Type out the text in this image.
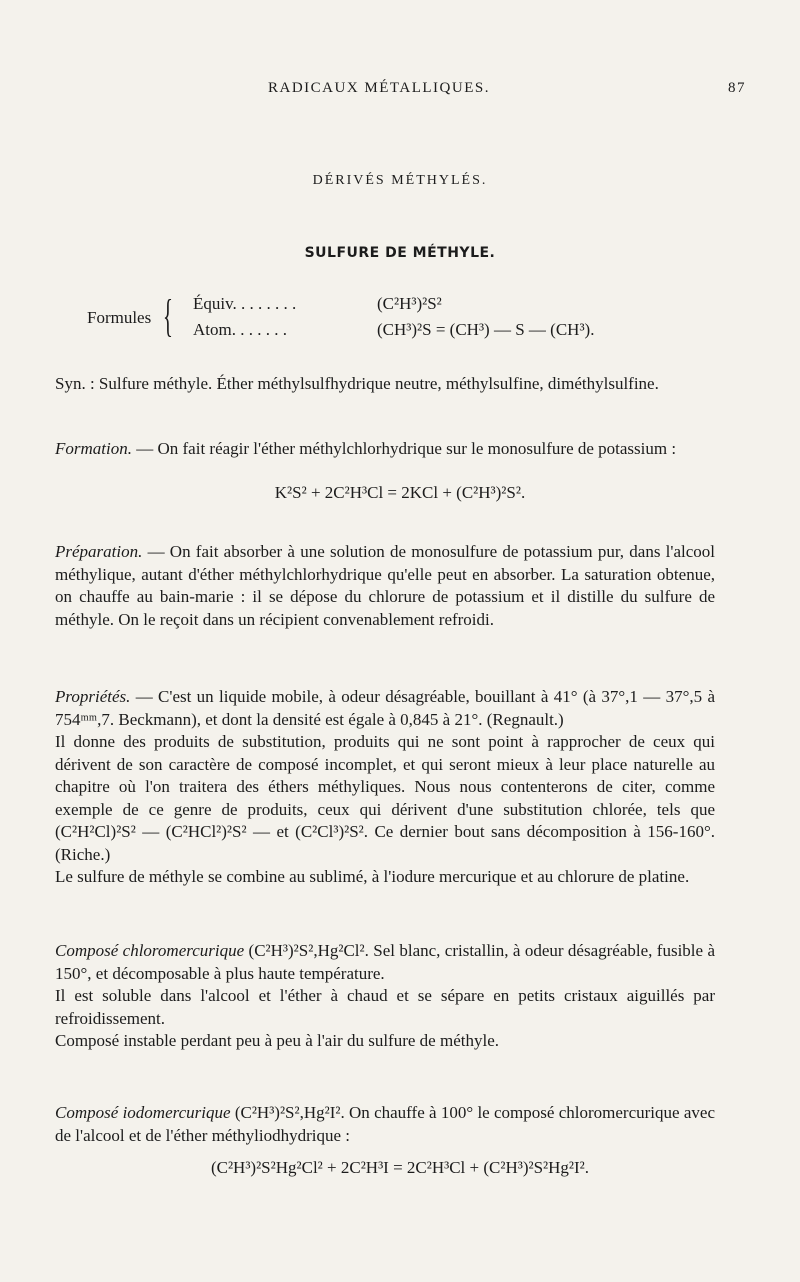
RADICAUX MÉTALLIQUES.	87
DÉRIVÉS MÉTHYLÉS.
SULFURE DE MÉTHYLE.
Formules { Équiv. . . . . . . .	(C²H³)²S²
Atom. . . . . . .	(CH³)²S = (CH³) — S — (CH³).

Syn. : Sulfure méthyle. Éther méthylsulfhydrique neutre, méthylsulfine, diméthylsulfine.

Formation. — On fait réagir l'éther méthylchlorhydrique sur le monosulfure de potassium :

K²S² + 2C²H³Cl = 2KCl + (C²H³)²S².

Préparation. — On fait absorber à une solution de monosulfure de potassium pur, dans l'alcool méthylique, autant d'éther méthylchlorhydrique qu'elle peut en absorber. La saturation obtenue, on chauffe au bain-marie : il se dépose du chlorure de potassium et il distille du sulfure de méthyle. On le reçoit dans un récipient convenablement refroidi.

Propriétés. — C'est un liquide mobile, à odeur désagréable, bouillant à 41° (à 37°,1 — 37°,5 à 754ᵐᵐ,7. Beckmann), et dont la densité est égale à 0,845 à 21°. (Regnault.)

Il donne des produits de substitution, produits qui ne sont point à rapprocher de ceux qui dérivent de son caractère de composé incomplet, et qui seront mieux à leur place naturelle au chapitre où l'on traitera des éthers méthyliques. Nous nous contenterons de citer, comme exemple de ce genre de produits, ceux qui dérivent d'une substitution chlorée, tels que (C²H²Cl)²S² — (C²HCl²)²S² — et (C²Cl³)²S². Ce dernier bout sans décomposition à 156-160°. (Riche.)

Le sulfure de méthyle se combine au sublimé, à l'iodure mercurique et au chlorure de platine.

Composé chloromercurique (C²H³)²S²,Hg²Cl². Sel blanc, cristallin, à odeur désagréable, fusible à 150°, et décomposable à plus haute température.

Il est soluble dans l'alcool et l'éther à chaud et se sépare en petits cristaux aiguillés par refroidissement.

Composé instable perdant peu à peu à l'air du sulfure de méthyle.

Composé iodomercurique (C²H³)²S²,Hg²I². On chauffe à 100° le composé chloromercurique avec de l'alcool et de l'éther méthyliodhydrique :

(C²H³)²S²Hg²Cl² + 2C²H³I = 2C²H³Cl + (C²H³)²S²Hg²I².
